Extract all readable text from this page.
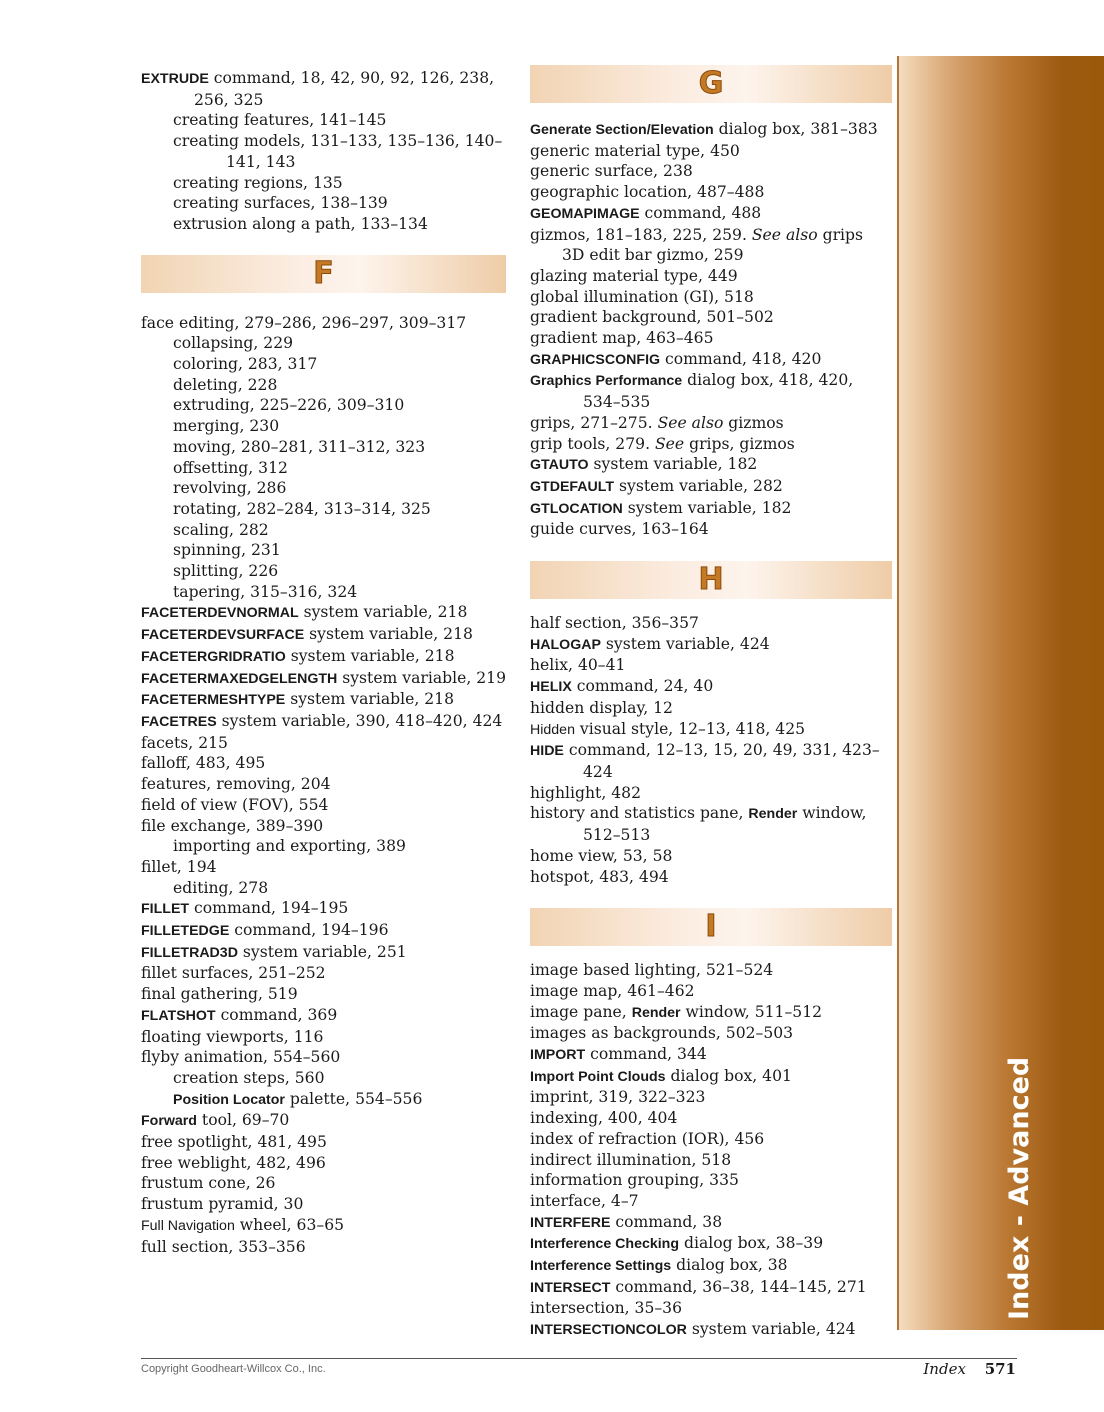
Index - Advanced

EXTRUDE command, 18, 42, 90, 92, 126, 238, 256, 325

creating features, 141–145

creating models, 131–133, 135–136, 140–141, 143

creating regions, 135

creating surfaces, 138–139

extrusion along a path, 133–134

F

face editing, 279–286, 296–297, 309–317

collapsing, 229

coloring, 283, 317

deleting, 228

extruding, 225–226, 309–310

merging, 230

moving, 280–281, 311–312, 323

offsetting, 312

revolving, 286

rotating, 282–284, 313–314, 325

scaling, 282

spinning, 231

splitting, 226

tapering, 315–316, 324

FACETERDEVNORMAL system variable, 218

FACETERDEVSURFACE system variable, 218

FACETERGRIDRATIO system variable, 218

FACETERMAXEDGELENGTH system variable, 219

FACETERMESHTYPE system variable, 218

FACETRES system variable, 390, 418–420, 424

facets, 215

falloff, 483, 495

features, removing, 204

field of view (FOV), 554

file exchange, 389–390

importing and exporting, 389

fillet, 194

editing, 278

FILLET command, 194–195

FILLETEDGE command, 194–196

FILLETRAD3D system variable, 251

fillet surfaces, 251–252

final gathering, 519

FLATSHOT command, 369

floating viewports, 116

flyby animation, 554–560

creation steps, 560

Position Locator palette, 554–556

Forward tool, 69–70

free spotlight, 481, 495

free weblight, 482, 496

frustum cone, 26

frustum pyramid, 30

Full Navigation wheel, 63–65

full section, 353–356

G

Generate Section/Elevation dialog box, 381–383

generic material type, 450

generic surface, 238

geographic location, 487–488

GEOMAPIMAGE command, 488

gizmos, 181–183, 225, 259. See also grips

3D edit bar gizmo, 259

glazing material type, 449

global illumination (GI), 518

gradient background, 501–502

gradient map, 463–465

GRAPHICSCONFIG command, 418, 420

Graphics Performance dialog box, 418, 420, 534–535

grips, 271–275. See also gizmos

grip tools, 279. See grips, gizmos

GTAUTO system variable, 182

GTDEFAULT system variable, 282

GTLOCATION system variable, 182

guide curves, 163–164

H

half section, 356–357

HALOGAP system variable, 424

helix, 40–41

HELIX command, 24, 40

hidden display, 12

Hidden visual style, 12–13, 418, 425

HIDE command, 12–13, 15, 20, 49, 331, 423–424

highlight, 482

history and statistics pane, Render window, 512–513

home view, 53, 58

hotspot, 483, 494

I

image based lighting, 521–524

image map, 461–462

image pane, Render window, 511–512

images as backgrounds, 502–503

IMPORT command, 344

Import Point Clouds dialog box, 401

imprint, 319, 322–323

indexing, 400, 404

index of refraction (IOR), 456

indirect illumination, 518

information grouping, 335

interface, 4–7

INTERFERE command, 38

Interference Checking dialog box, 38–39

Interference Settings dialog box, 38

INTERSECT command, 36–38, 144–145, 271

intersection, 35–36

INTERSECTIONCOLOR system variable, 424

Copyright Goodheart-Willcox Co., Inc.	Index 571
